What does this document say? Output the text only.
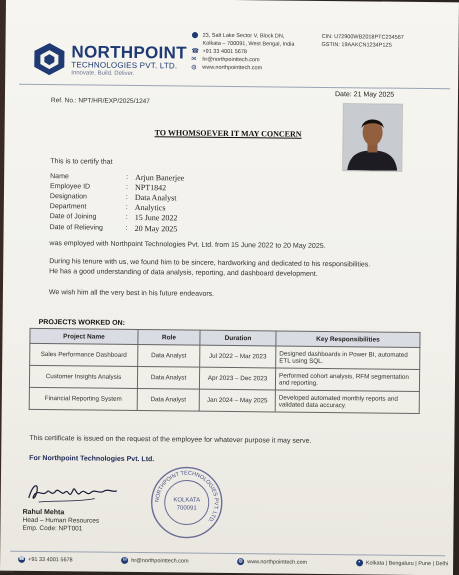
NORTHPOINT
TECHNOLOGIES PVT. LTD.
Innovate. Build. Deliver.
⬤ 23, Salt Lake Sector V, Block DN,
Kolkata – 700091, West Bengal, India
☎ +91 33 4001 5678
✉	hr@northpointtech.com
◍	www.northpointtech.com
CIN: U72900WB2018PTC234567
GSTIN: 19AAKCN1234P1Z5
Ref. No.: NPT/HR/EXP/2025/1247
Date: 21 May 2025
TO WHOMSOEVER IT MAY CONCERN
This is to certify that
Name	: Arjun Banerjee
Employee ID	: NPT1842
Designation	: Data Analyst
Department	: Analytics
Date of Joining	: 15 June 2022
Date of Relieving	: 20 May 2025
was employed with Northpoint Technologies Pvt. Ltd. from 15 June 2022 to 20 May 2025.
During his tenure with us, we found him to be sincere, hardworking and dedicated to his responsibilities.
He has a good understanding of data analysis, reporting, and dashboard development.
We wish him all the very best in his future endeavors.
PROJECTS WORKED ON:
Project Name	Role	Duration	Key Responsibilities
Sales Performance Dashboard	Data Analyst	Jul 2022 – Mar 2023	Designed dashboards in Power BI, automated ETL using SQL.
Customer Insights Analysis	Data Analyst	Apr 2023 – Dec 2023	Performed cohort analysis, RFM segmentation and reporting.
Financial Reporting System	Data Analyst	Jan 2024 – May 2025	Developed automated monthly reports and validated data accuracy.
This certificate is issued on the request of the employee for whatever purpose it may serve.
For Northpoint Technologies Pvt. Ltd.
Rahul Mehta
Head – Human Resources
Emp. Code: NPT001
NORTHPOINT TECHNOLOGIES PVT. LTD.
KOLKATA
700091
☎ +91 33 4001 5678	✉ hr@northpointtech.com	◍ www.northpointtech.com	•	Kolkata | Bengaluru | Pune | Delhi
